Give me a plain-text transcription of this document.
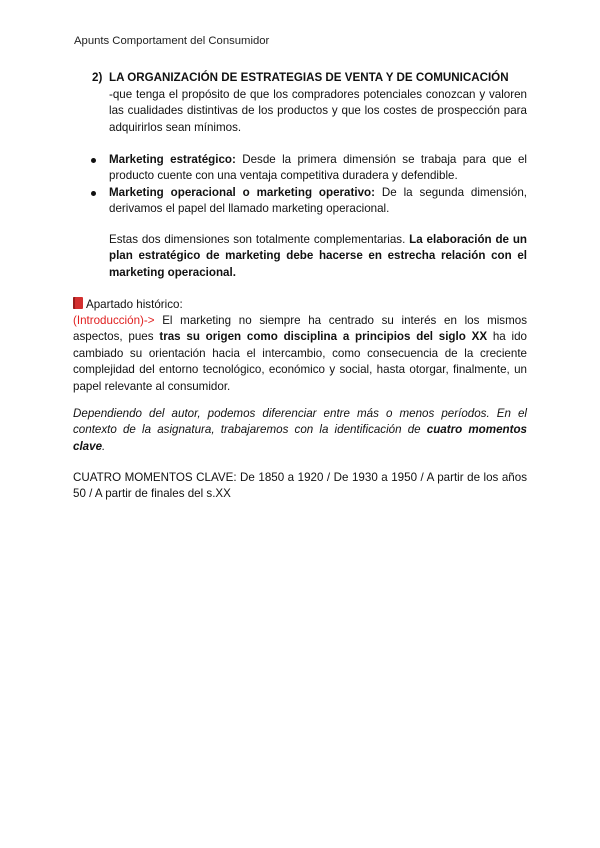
Apunts Comportament del Consumidor
2) LA ORGANIZACIÓN DE ESTRATEGIAS DE VENTA Y DE COMUNICACIÓN
-que tenga el propósito de que los compradores potenciales conozcan y valoren las cualidades distintivas de los productos y que los costes de prospección para adquirirlos sean mínimos.
Marketing estratégico: Desde la primera dimensión se trabaja para que el producto cuente con una ventaja competitiva duradera y defendible.
Marketing operacional o marketing operativo: De la segunda dimensión, derivamos el papel del llamado marketing operacional.
Estas dos dimensiones son totalmente complementarias. La elaboración de un plan estratégico de marketing debe hacerse en estrecha relación con el marketing operacional.
Apartado histórico:
(Introducción)-> El marketing no siempre ha centrado su interés en los mismos aspectos, pues tras su origen como disciplina a principios del siglo XX ha ido cambiado su orientación hacia el intercambio, como consecuencia de la creciente complejidad del entorno tecnológico, económico y social, hasta otorgar, finalmente, un papel relevante al consumidor.
Dependiendo del autor, podemos diferenciar entre más o menos períodos. En el contexto de la asignatura, trabajaremos con la identificación de cuatro momentos clave.
CUATRO MOMENTOS CLAVE: De 1850 a 1920 / De 1930 a 1950 / A partir de los años 50 / A partir de finales del s.XX
